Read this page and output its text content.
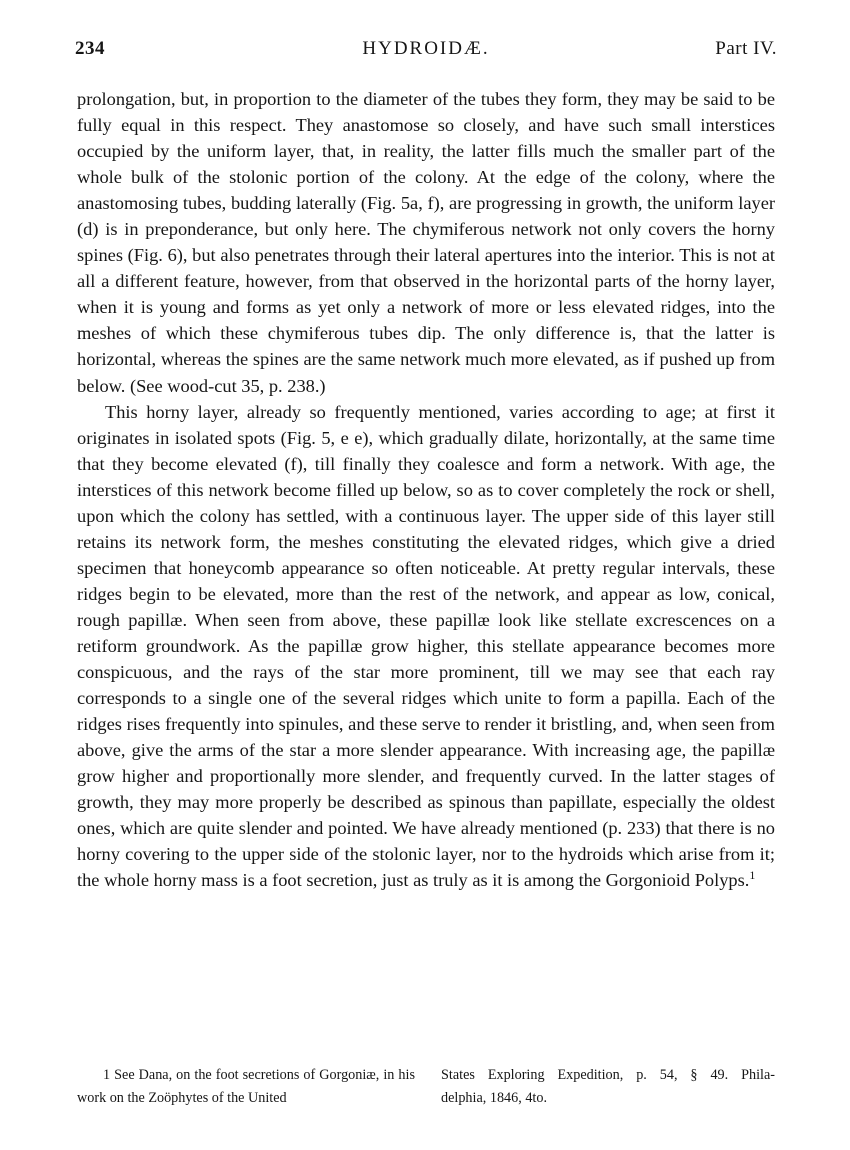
234	HYDROIDÆ.	Part IV.

prolongation, but, in proportion to the diameter of the tubes they form, they may be said to be fully equal in this respect. They anastomose so closely, and have such small interstices occupied by the uniform layer, that, in reality, the latter fills much the smaller part of the whole bulk of the stolonic portion of the colony. At the edge of the colony, where the anastomosing tubes, budding laterally (Fig. 5a, f), are progressing in growth, the uniform layer (d) is in preponderance, but only here. The chymiferous network not only covers the horny spines (Fig. 6), but also penetrates through their lateral apertures into the interior. This is not at all a different feature, however, from that observed in the horizontal parts of the horny layer, when it is young and forms as yet only a network of more or less elevated ridges, into the meshes of which these chymiferous tubes dip. The only difference is, that the latter is horizontal, whereas the spines are the same network much more elevated, as if pushed up from below. (See wood-cut 35, p. 238.)

This horny layer, already so frequently mentioned, varies according to age; at first it originates in isolated spots (Fig. 5, e e), which gradually dilate, horizontally, at the same time that they become elevated (f), till finally they coalesce and form a network. With age, the interstices of this network become filled up below, so as to cover completely the rock or shell, upon which the colony has settled, with a continuous layer. The upper side of this layer still retains its network form, the meshes constituting the elevated ridges, which give a dried specimen that honeycomb appearance so often noticeable. At pretty regular intervals, these ridges begin to be elevated, more than the rest of the network, and appear as low, conical, rough papillæ. When seen from above, these papillæ look like stellate excrescences on a retiform groundwork. As the papillæ grow higher, this stellate appearance becomes more conspicuous, and the rays of the star more prominent, till we may see that each ray corresponds to a single one of the several ridges which unite to form a papilla. Each of the ridges rises frequently into spinules, and these serve to render it bristling, and, when seen from above, give the arms of the star a more slender appearance. With increasing age, the papillæ grow higher and proportionally more slender, and frequently curved. In the latter stages of growth, they may more properly be described as spinous than papillate, especially the oldest ones, which are quite slender and pointed. We have already mentioned (p. 233) that there is no horny covering to the upper side of the stolonic layer, nor to the hydroids which arise from it; the whole horny mass is a foot secretion, just as truly as it is among the Gorgonioid Polyps.$^1$

1 See Dana, on the foot secretions of Gorgoniæ, in his work on the Zoöphytes of the United
States Exploring Expedition, p. 54, § 49. Phila-
delphia, 1846, 4to.
